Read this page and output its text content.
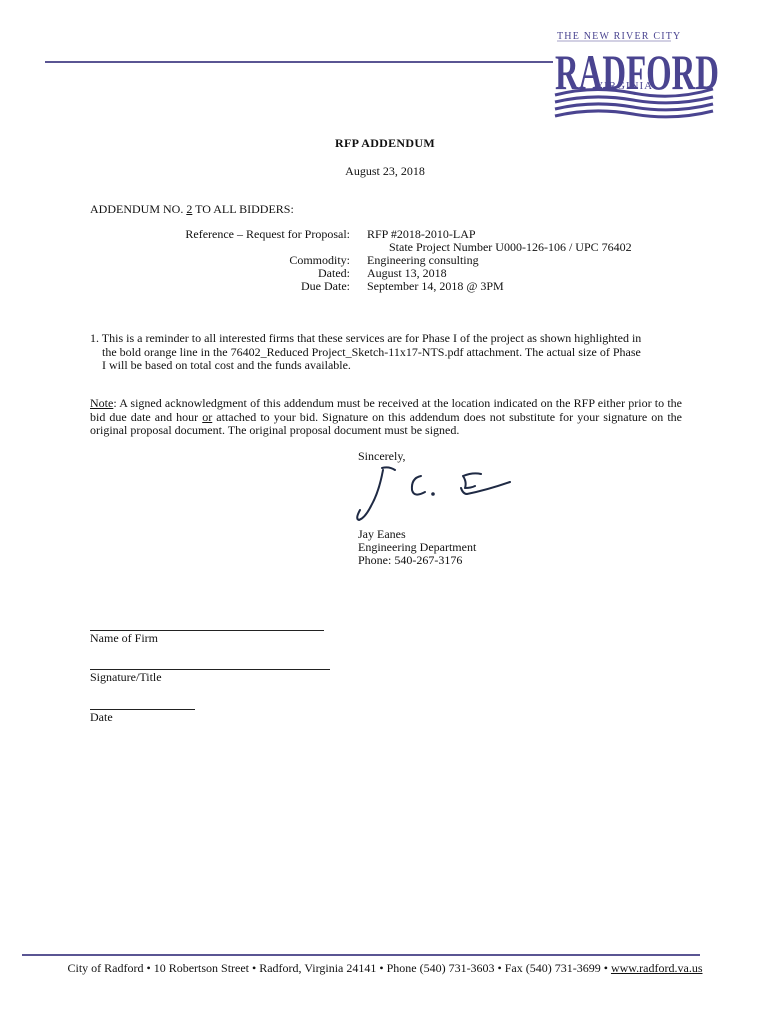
THE NEW RIVER CITY
RADFORD
VIRGINIA
RFP ADDENDUM
August 23, 2018
ADDENDUM NO. 2 TO ALL BIDDERS:
Reference – Request for Proposal: RFP #2018-2010-LAP
State Project Number U000-126-106 / UPC 76402
Commodity: Engineering consulting
Dated: August 13, 2018
Due Date: September 14, 2018 @ 3PM
1. This is a reminder to all interested firms that these services are for Phase I of the project as shown highlighted in
the bold orange line in the 76402_Reduced Project_Sketch-11x17-NTS.pdf attachment. The actual size of Phase
I will be based on total cost and the funds available.
Note: A signed acknowledgment of this addendum must be received at the location indicated on the RFP either prior to the bid due date and hour or attached to your bid. Signature on this addendum does not substitute for your signature on the original proposal document. The original proposal document must be signed.
Sincerely,
Jay Eanes
Engineering Department
Phone: 540-267-3176
Name of Firm
Signature/Title
Date
City of Radford • 10 Robertson Street • Radford, Virginia 24141 • Phone (540) 731-3603 • Fax (540) 731-3699 • www.radford.va.us
